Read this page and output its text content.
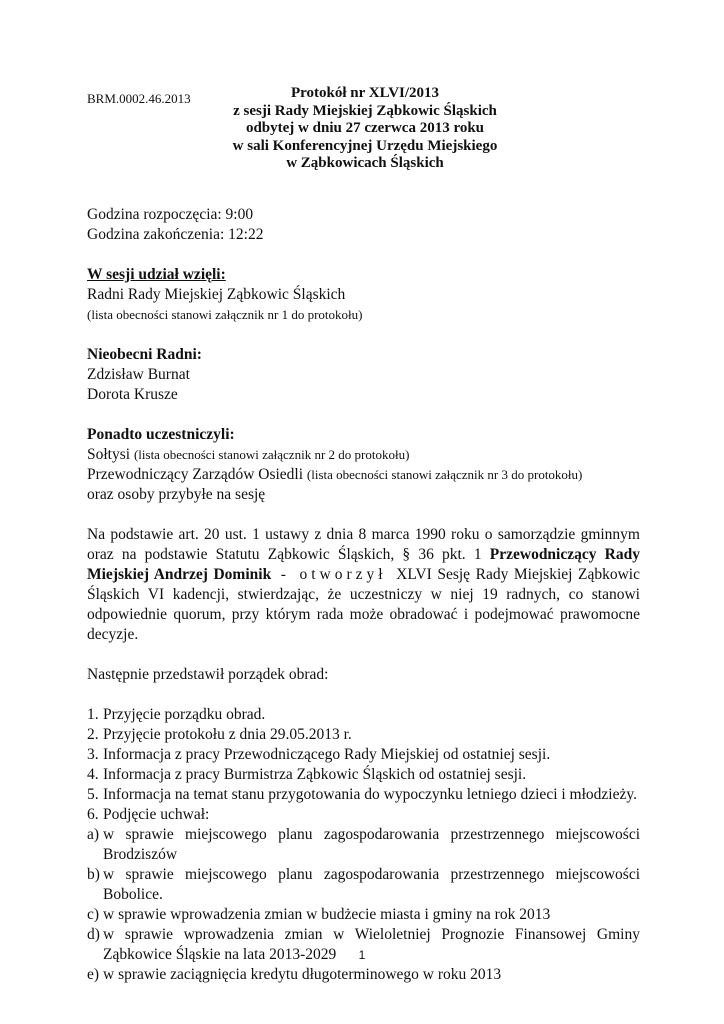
BRM.0002.46.2013	Protokół nr XLVI/2013
z sesji Rady Miejskiej Ząbkowic Śląskich
odbytej w dniu 27 czerwca 2013 roku
w sali Konferencyjnej Urzędu Miejskiego
w Ząbkowicach Śląskich
Godzina rozpoczęcia: 9:00
Godzina zakończenia: 12:22
W sesji udział wzięli:
Radni Rady Miejskiej Ząbkowic Śląskich
(lista obecności stanowi załącznik nr 1 do protokołu)
Nieobecni Radni:
Zdzisław Burnat
Dorota Krusze
Ponadto uczestniczyli:
Sołtysi (lista obecności stanowi załącznik nr 2 do protokołu)
Przewodniczący Zarządów Osiedli (lista obecności stanowi załącznik nr 3 do protokołu)
oraz osoby przybyłe na sesję
Na podstawie art. 20 ust. 1 ustawy z dnia 8 marca 1990 roku o samorządzie gminnym oraz na podstawie Statutu Ząbkowic Śląskich, § 36 pkt. 1 Przewodniczący Rady Miejskiej Andrzej Dominik - otworzył XLVI Sesję Rady Miejskiej Ząbkowic Śląskich VI kadencji, stwierdzając, że uczestniczy w niej 19 radnych, co stanowi odpowiednie quorum, przy którym rada może obradować i podejmować prawomocne decyzje.
Następnie przedstawił porządek obrad:
1. Przyjęcie porządku obrad.
2. Przyjęcie protokołu z dnia 29.05.2013 r.
3. Informacja z pracy Przewodniczącego Rady Miejskiej od ostatniej sesji.
4. Informacja z pracy Burmistrza Ząbkowic Śląskich od ostatniej sesji.
5. Informacja na temat stanu przygotowania do wypoczynku letniego dzieci i młodzieży.
6. Podjęcie uchwał:
a) w sprawie miejscowego planu zagospodarowania przestrzennego miejscowości Brodziszów
b) w sprawie miejscowego planu zagospodarowania przestrzennego miejscowości Bobolice.
c) w sprawie wprowadzenia zmian w budżecie miasta i gminy na rok 2013
d) w sprawie wprowadzenia zmian w Wieloletniej Prognozie Finansowej Gminy Ząbkowice Śląskie na lata 2013-2029
e) w sprawie zaciągnięcia kredytu długoterminowego w roku 2013
1
